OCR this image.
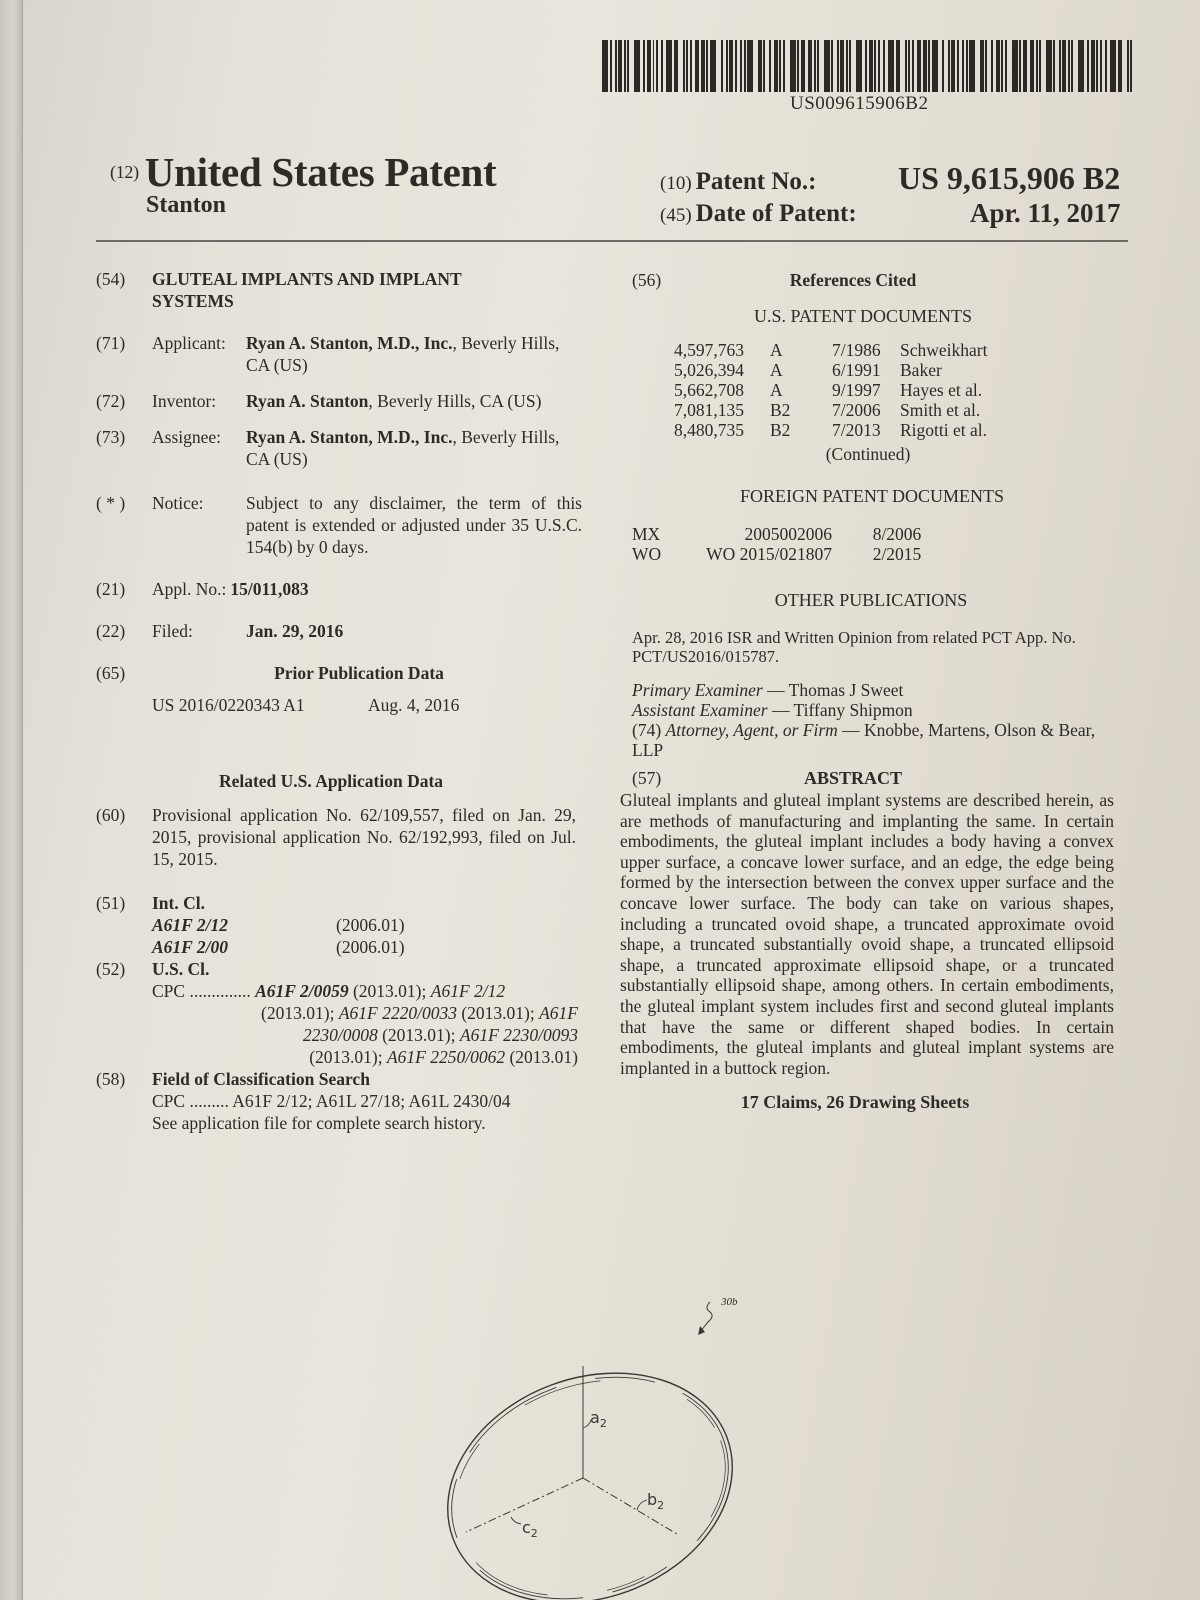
US009615906B2
(12) United States Patent
Stanton
(10) Patent No.:	US 9,615,906 B2
(45) Date of Patent:	Apr. 11, 2017
(54)	GLUTEAL IMPLANTS AND IMPLANT SYSTEMS
(71)	Applicant:	Ryan A. Stanton, M.D., Inc., Beverly Hills, CA (US)
(72)	Inventor:	Ryan A. Stanton, Beverly Hills, CA (US)
(73)	Assignee:	Ryan A. Stanton, M.D., Inc., Beverly Hills, CA (US)
( * )	Notice:	Subject to any disclaimer, the term of this patent is extended or adjusted under 35 U.S.C. 154(b) by 0 days.
(21)	Appl. No.: 15/011,083
(22)	Filed:	Jan. 29, 2016
(65)	Prior Publication Data
US 2016/0220343 A1	Aug. 4, 2016
Related U.S. Application Data
(60)	Provisional application No. 62/109,557, filed on Jan. 29, 2015, provisional application No. 62/192,993, filed on Jul. 15, 2015.
(51)	Int. Cl.
A61F 2/12	(2006.01)
A61F 2/00	(2006.01)
(52)	U.S. Cl.
CPC .............. A61F 2/0059 (2013.01); A61F 2/12
(2013.01); A61F 2220/0033 (2013.01); A61F
2230/0008 (2013.01); A61F 2230/0093
(2013.01); A61F 2250/0062 (2013.01)
(58)	Field of Classification Search
CPC ......... A61F 2/12; A61L 27/18; A61L 2430/04
See application file for complete search history.
(56)	References Cited
U.S. PATENT DOCUMENTS
4,597,763	A	7/1986	Schweikhart
5,026,394	A	6/1991	Baker
5,662,708	A	9/1997	Hayes et al.
7,081,135	B2	7/2006	Smith et al.
8,480,735	B2	7/2013	Rigotti et al.
(Continued)
FOREIGN PATENT DOCUMENTS
MX	2005002006	8/2006
WO	WO 2015/021807	2/2015
OTHER PUBLICATIONS
Apr. 28, 2016 ISR and Written Opinion from related PCT App. No. PCT/US2016/015787.
Primary Examiner — Thomas J Sweet
Assistant Examiner — Tiffany Shipmon
(74) Attorney, Agent, or Firm — Knobbe, Martens, Olson & Bear, LLP
(57)	ABSTRACT
Gluteal implants and gluteal implant systems are described herein, as are methods of manufacturing and implanting the same. In certain embodiments, the gluteal implant includes a body having a convex upper surface, a concave lower surface, and an edge, the edge being formed by the intersection between the convex upper surface and the concave lower surface. The body can take on various shapes, including a truncated ovoid shape, a truncated approximate ovoid shape, a truncated substantially ovoid shape, a truncated ellipsoid shape, a truncated approximate ellipsoid shape, or a truncated substantially ellipsoid shape, among others. In certain embodiments, the gluteal implant system includes first and second gluteal implants that have the same or different shaped bodies. In certain embodiments, the gluteal implants and gluteal implant systems are implanted in a buttock region.
17 Claims, 26 Drawing Sheets
30b
$a_2$
$b_2$
$c_2$
